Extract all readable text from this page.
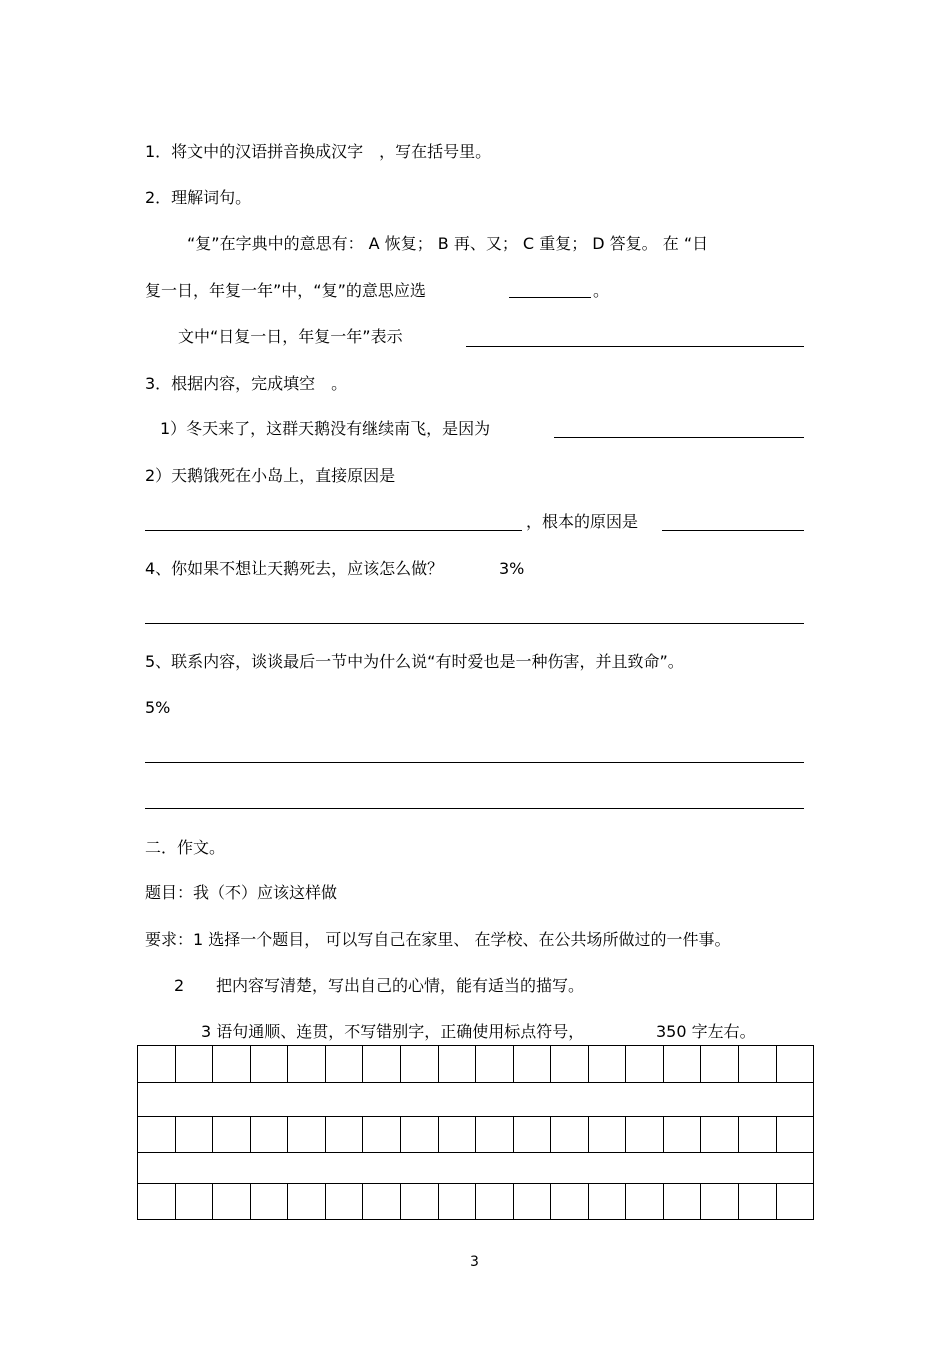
1．将文中的汉语拼音换成汉字　，写在括号里。
2．理解词句。
“复”在字典中的意思有： A 恢复； B 再、又； C 重复； D 答复。 在 “日
复一日，年复一年”中，“复”的意思应选	。
文中“日复一日，年复一年”表示
3．根据内容，完成填空　。
1）冬天来了，这群天鹅没有继续南飞，是因为
2）天鹅饿死在小岛上，直接原因是
，根本的原因是
4、你如果不想让天鹅死去，应该怎么做？	3%
5、联系内容，谈谈最后一节中为什么说“有时爱也是一种伤害，并且致命”。
5%
二．作文。
题目：我（不）应该这样做
要求：1 选择一个题目， 可以写自己在家里、 在学校、在公共场所做过的一件事。
2 把内容写清楚，写出自己的心情，能有适当的描写。
3 语句通顺、连贯，不写错别字，正确使用标点符号，	350 字左右。
3
